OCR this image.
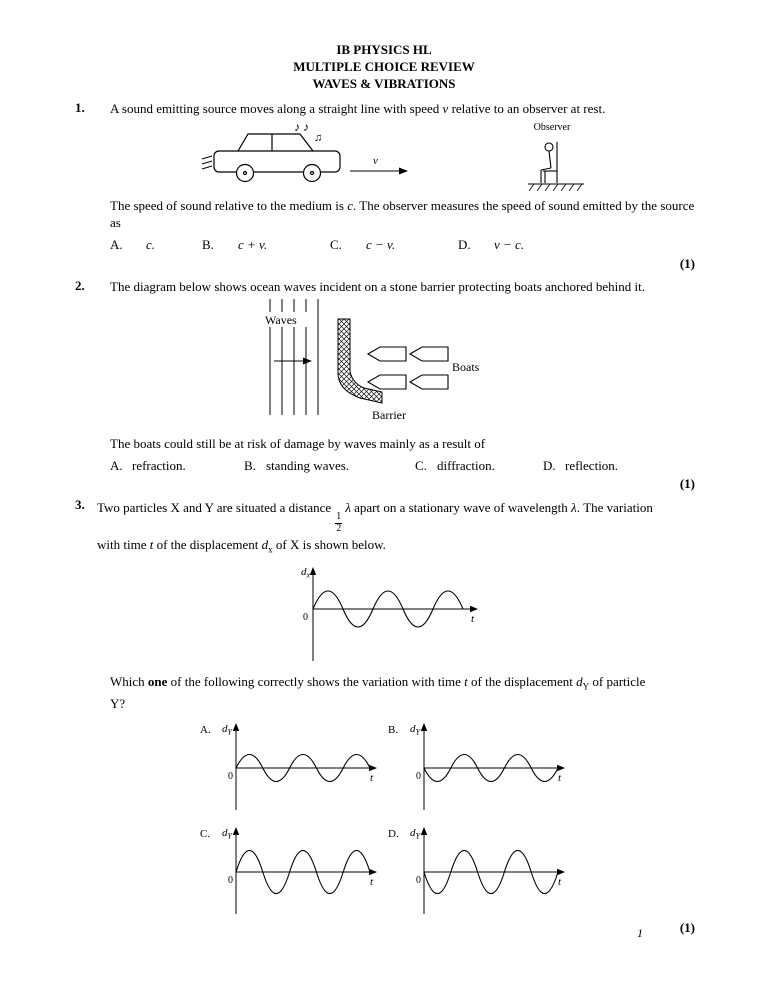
IB PHYSICS HL
MULTIPLE CHOICE REVIEW
WAVES & VIBRATIONS
1.	A sound emitting source moves along a straight line with speed v relative to an observer at rest.

♪ ♪
♫
v
Observer

The speed of sound relative to the medium is c. The observer measures the speed of sound emitted by the source as

A. c.	B. c + v.	C. c − v.	D. v − c.
(1)
2.	The diagram below shows ocean waves incident on a stone barrier protecting boats anchored behind it.

Waves
Boats
Barrier

The boats could still be at risk of damage by waves mainly as a result of

A. refraction.	B. standing waves.	C. diffraction.	D. reflection.
(1)
3. Two particles X and Y are situated a distance
$\frac{1}{2}$
λ apart on a stationary wave of wavelength λ. The variation
with time t of the displacement $d_x$ of X is shown below.

$d_x$
0	t

Which one of the following correctly shows the variation with time t of the displacement $d_Y$ of particle
Y?

A. $d_Y$
0	t
B. $d_Y$
0	t
C. $d_Y$
0	t
D. $d_Y$
0	t
(1)
1
